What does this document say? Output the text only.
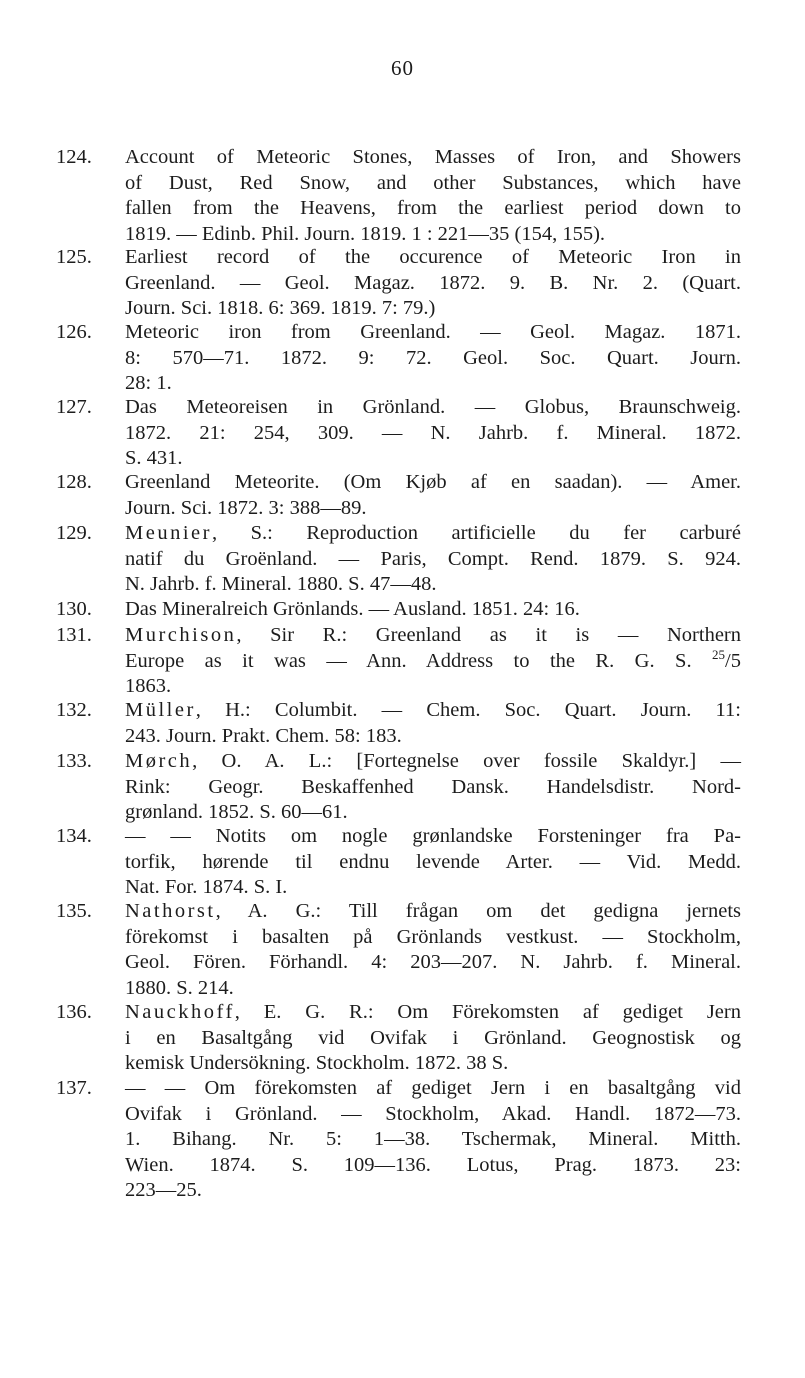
60
124.	Account of Meteoric Stones, Masses of Iron, and Showers
of Dust, Red Snow, and other Substances, which have
fallen from the Heavens, from the earliest period down to
1819. — Edinb. Phil. Journ. 1819. 1 : 221—35 (154, 155).
125.	Earliest record of the occurence of Meteoric Iron in
Greenland. — Geol. Magaz. 1872. 9. B. Nr. 2. (Quart.
Journ. Sci. 1818. 6: 369. 1819. 7: 79.)
126.	Meteoric iron from Greenland. — Geol. Magaz. 1871.
8: 570—71. 1872. 9: 72. Geol. Soc. Quart. Journ.
28: 1.
127.	Das Meteoreisen in Grönland. — Globus, Braunschweig.
1872. 21: 254, 309. — N. Jahrb. f. Mineral. 1872.
S. 431.
128.	Greenland Meteorite. (Om Kjøb af en saadan). — Amer.
Journ. Sci. 1872. 3: 388—89.
129.	Meunier, S.: Reproduction artificielle du fer carburé
natif du Groënland. — Paris, Compt. Rend. 1879. S. 924.
N. Jahrb. f. Mineral. 1880. S. 47—48.
130.	Das Mineralreich Grönlands. — Ausland. 1851. 24: 16.
131.	Murchison, Sir R.: Greenland as it is — Northern
Europe as it was — Ann. Address to the R. G. S. $^{25}$/5
1863.
132.	Müller, H.: Columbit. — Chem. Soc. Quart. Journ. 11:
243. Journ. Prakt. Chem. 58: 183.
133.	Mørch, O. A. L.: [Fortegnelse over fossile Skaldyr.] —
Rink: Geogr. Beskaffenhed Dansk. Handelsdistr. Nord-
grønland. 1852. S. 60—61.
134.	— — Notits om nogle grønlandske Forsteninger fra Pa-
torfik, hørende til endnu levende Arter. — Vid. Medd.
Nat. For. 1874. S. I.
135.	Nathorst, A. G.: Till frågan om det gedigna jernets
förekomst i basalten på Grönlands vestkust. — Stockholm,
Geol. Fören. Förhandl. 4: 203—207. N. Jahrb. f. Mineral.
1880. S. 214.
136.	Nauckhoff, E. G. R.: Om Förekomsten af gediget Jern
i en Basaltgång vid Ovifak i Grönland. Geognostisk og
kemisk Undersökning. Stockholm. 1872. 38 S.
137.	— — Om förekomsten af gediget Jern i en basaltgång vid
Ovifak i Grönland. — Stockholm, Akad. Handl. 1872—73.
1. Bihang. Nr. 5: 1—38. Tschermak, Mineral. Mitth.
Wien. 1874. S. 109—136. Lotus, Prag. 1873. 23:
223—25.
